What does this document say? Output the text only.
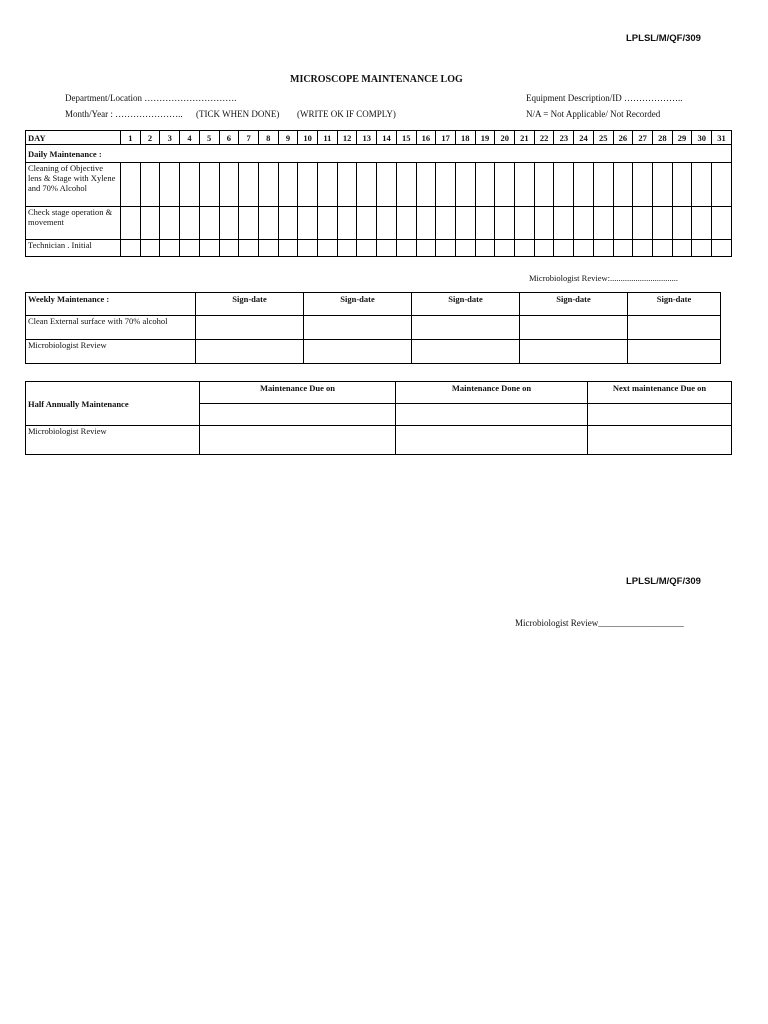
LPLSL/M/QF/309
MICROSCOPE MAINTENANCE LOG
Department/Location ………………………….	Equipment Description/ID ………………..
Month/Year : ………………….. (TICK WHEN DONE) (WRITE OK IF COMPLY)	N/A = Not Applicable/ Not Recorded
DAY	1	2	3	4	5	6	7	8	9	10	11	12	13	14	15	16	17	18	19	20	21	22	23	24	25	26	27	28	29	30	31
Daily Maintenance :																															
Cleaning of Objective lens & Stage with Xylene and 70% Alcohol																															
Check stage operation & movement																															
Technician . Initial																															
Microbiologist Review:................................
Weekly Maintenance :	Sign-date	Sign-date	Sign-date	Sign-date	Sign-date
Clean External surface with 70% alcohol					
Microbiologist Review					
Half Annually Maintenance	Maintenance Due on	Maintenance Done on	Next maintenance Due on

Microbiologist Review			
LPLSL/M/QF/309
Microbiologist Review___________________
